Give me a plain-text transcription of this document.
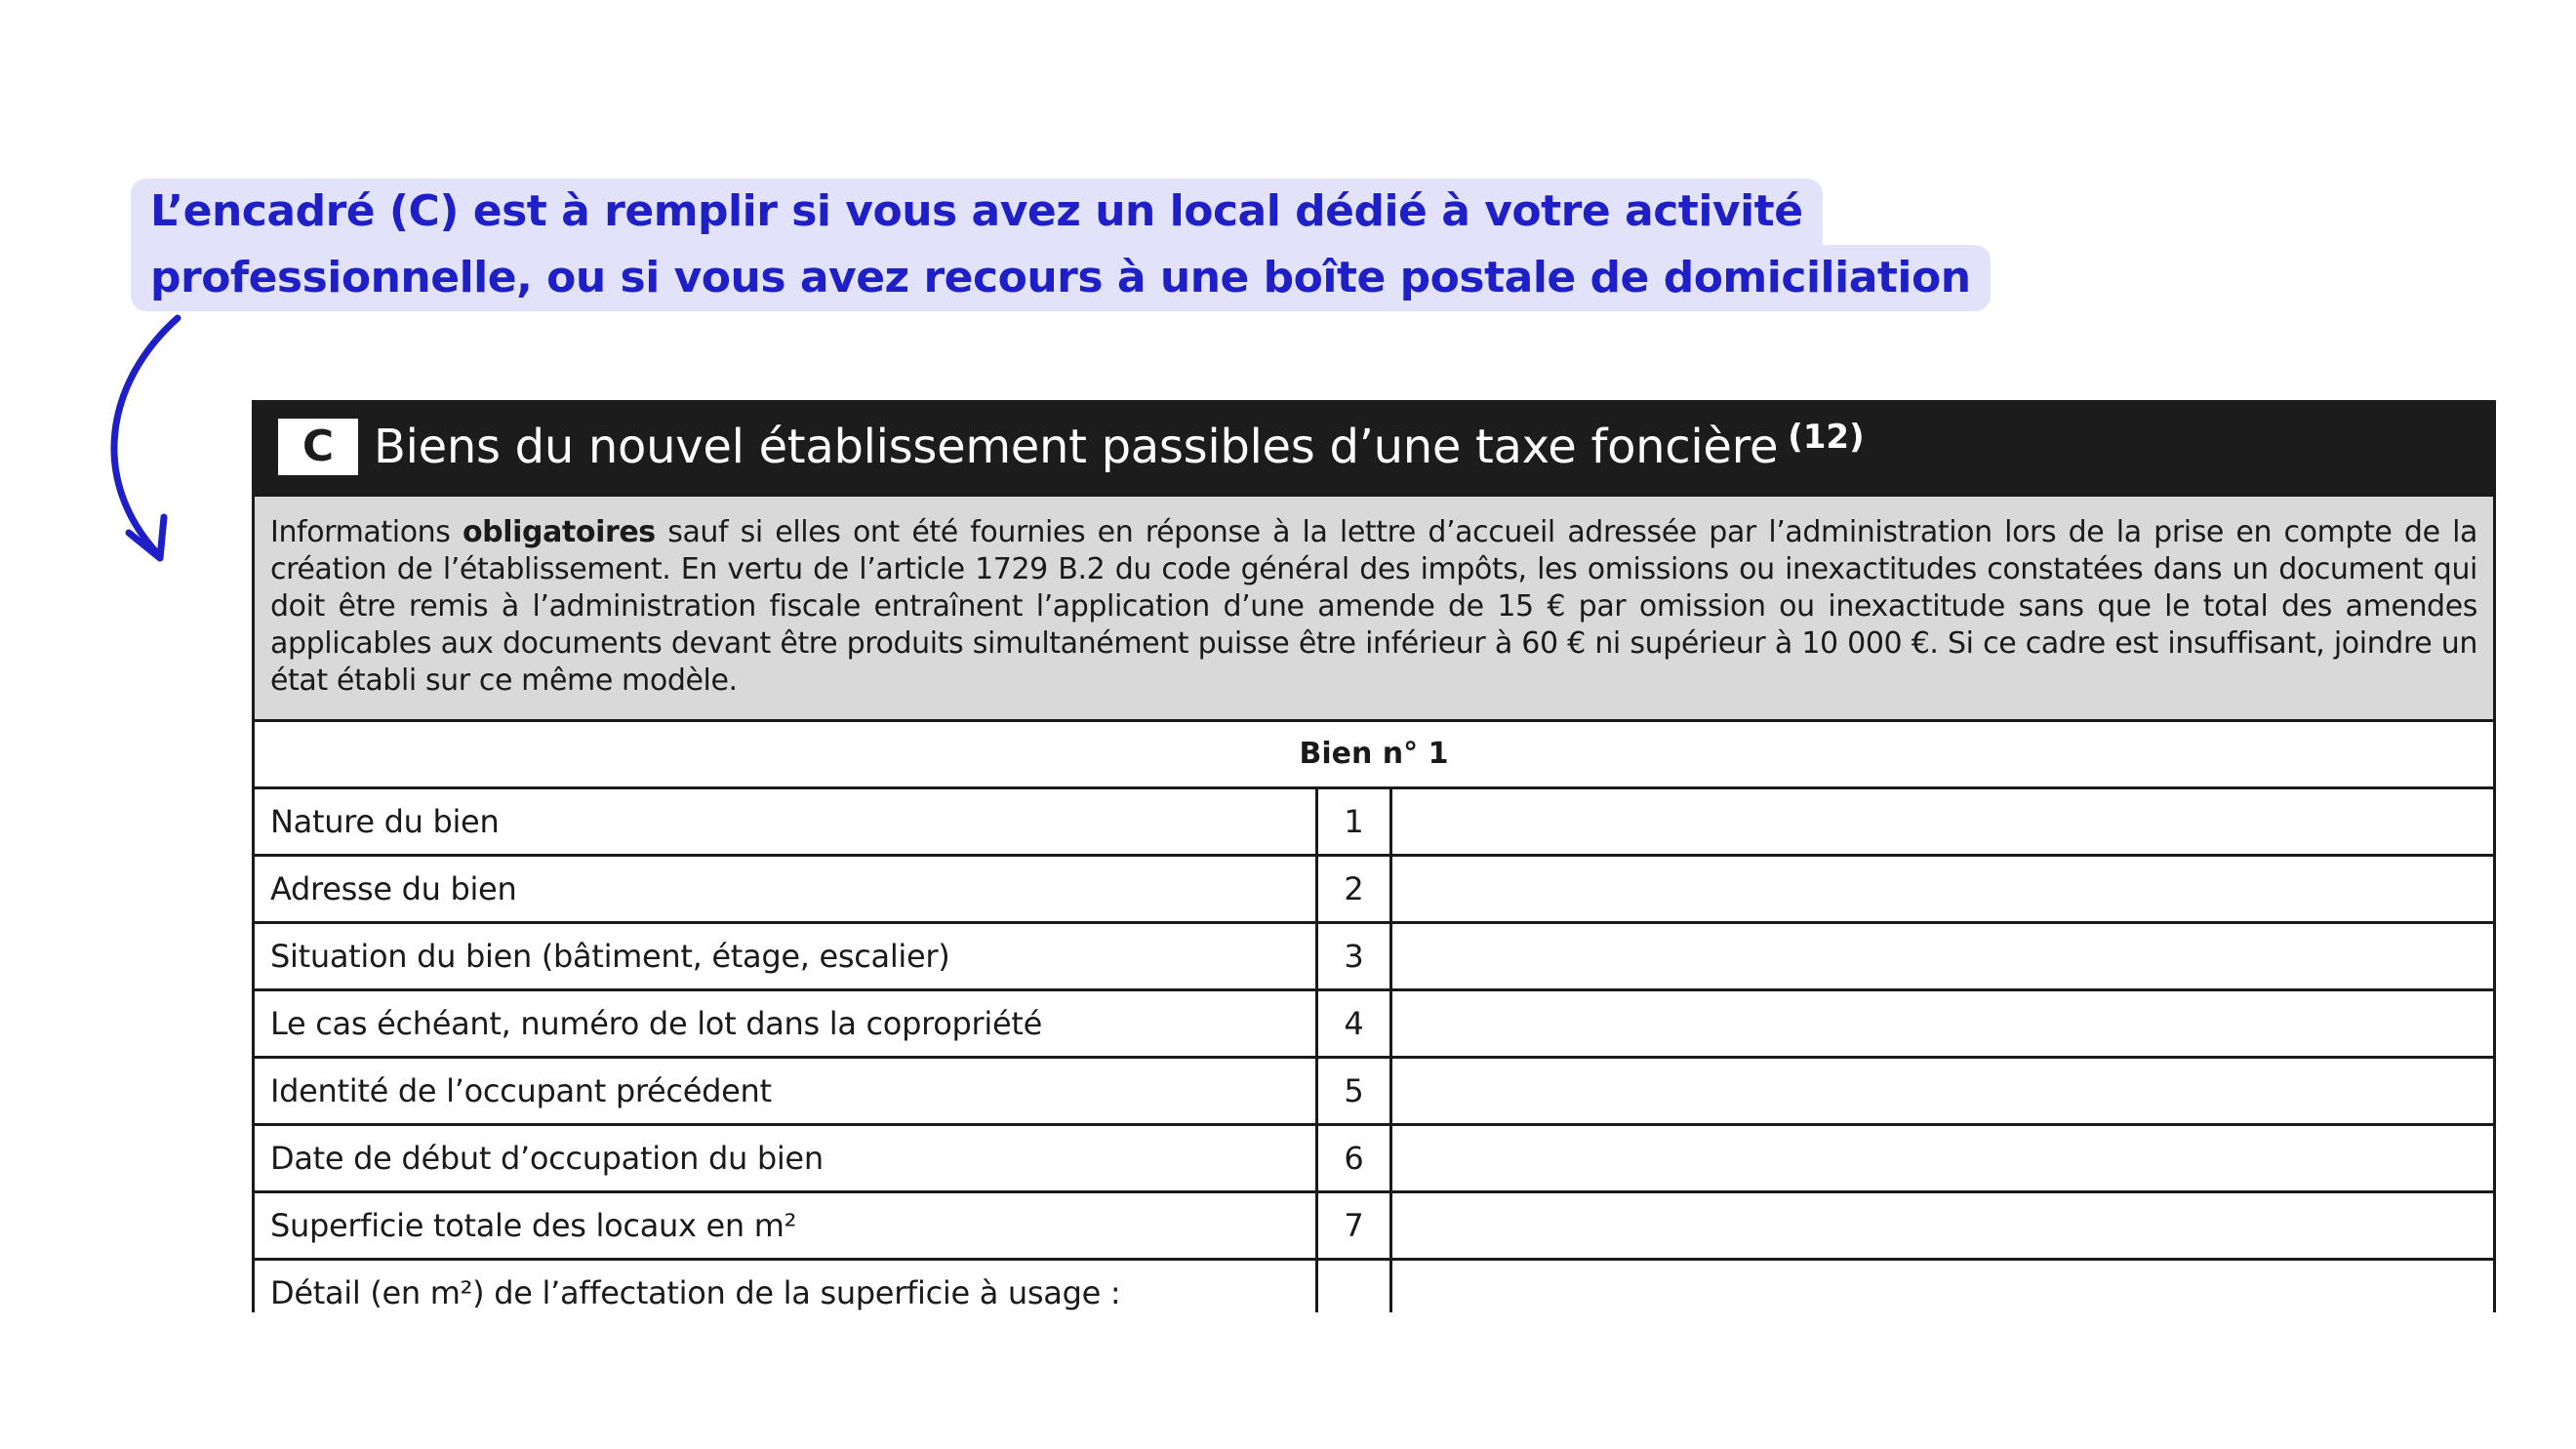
L’encadré (C) est à remplir si vous avez un local dédié à votre activité
professionnelle, ou si vous avez recours à une boîte postale de domiciliation
C Biens du nouvel établissement passibles d’une taxe foncière (12)
Informations obligatoires sauf si elles ont été fournies en réponse à la lettre d’accueil adressée par l’administration lors de la prise en compte de la création de l’établissement. En vertu de l’article 1729 B.2 du code général des impôts, les omissions ou inexactitudes constatées dans un document qui doit être remis à l’administration fiscale entraînent l’application d’une amende de 15 € par omission ou inexactitude sans que le total des amendes applicables aux documents devant être produits simultanément puisse être inférieur à 60 € ni supérieur à 10 000 €. Si ce cadre est insuffisant, joindre un état établi sur ce même modèle.
Bien n° 1
Nature du bien	1
Adresse du bien	2
Situation du bien (bâtiment, étage, escalier)	3
Le cas échéant, numéro de lot dans la copropriété	4
Identité de l’occupant précédent	5
Date de début d’occupation du bien	6
Superficie totale des locaux en m²	7
Détail (en m²) de l’affectation de la superficie à usage :
